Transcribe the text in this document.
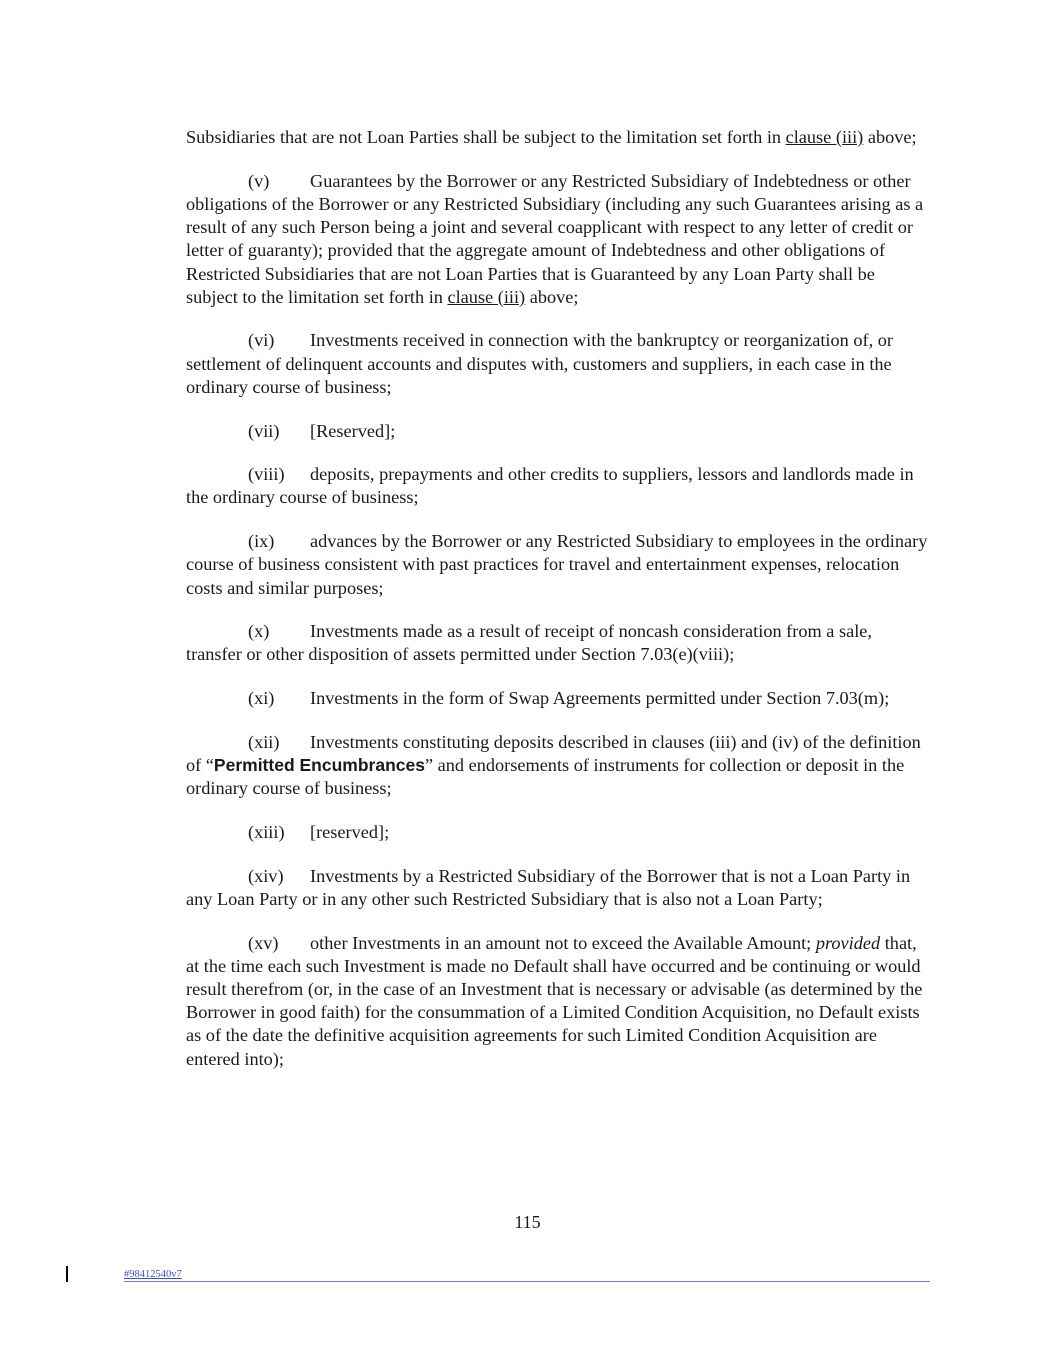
Subsidiaries that are not Loan Parties shall be subject to the limitation set forth in clause (iii) above;

(v) Guarantees by the Borrower or any Restricted Subsidiary of Indebtedness or other obligations of the Borrower or any Restricted Subsidiary (including any such Guarantees arising as a result of any such Person being a joint and several coapplicant with respect to any letter of credit or letter of guaranty); provided that the aggregate amount of Indebtedness and other obligations of Restricted Subsidiaries that are not Loan Parties that is Guaranteed by any Loan Party shall be subject to the limitation set forth in clause (iii) above;

(vi) Investments received in connection with the bankruptcy or reorganization of, or settlement of delinquent accounts and disputes with, customers and suppliers, in each case in the ordinary course of business;

(vii) [Reserved];

(viii) deposits, prepayments and other credits to suppliers, lessors and landlords made in the ordinary course of business;

(ix) advances by the Borrower or any Restricted Subsidiary to employees in the ordinary course of business consistent with past practices for travel and entertainment expenses, relocation costs and similar purposes;

(x) Investments made as a result of receipt of noncash consideration from a sale, transfer or other disposition of assets permitted under Section 7.03(e)(viii);

(xi) Investments in the form of Swap Agreements permitted under Section 7.03(m);

(xii) Investments constituting deposits described in clauses (iii) and (iv) of the definition of “Permitted Encumbrances” and endorsements of instruments for collection or deposit in the ordinary course of business;

(xiii) [reserved];

(xiv) Investments by a Restricted Subsidiary of the Borrower that is not a Loan Party in any Loan Party or in any other such Restricted Subsidiary that is also not a Loan Party;

(xv) other Investments in an amount not to exceed the Available Amount; provided that, at the time each such Investment is made no Default shall have occurred and be continuing or would result therefrom (or, in the case of an Investment that is necessary or advisable (as determined by the Borrower in good faith) for the consummation of a Limited Condition Acquisition, no Default exists as of the date the definitive acquisition agreements for such Limited Condition Acquisition are entered into);

115
#98412540v7
